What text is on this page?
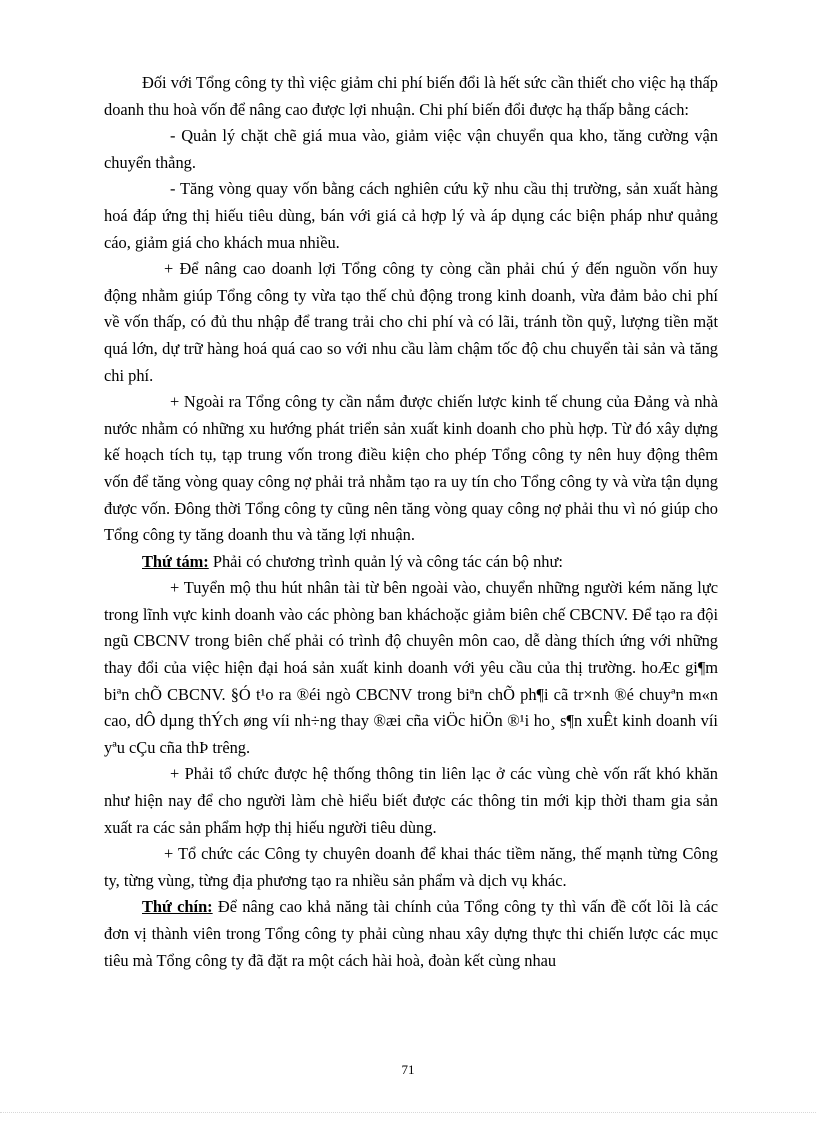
Đối với Tổng công ty thì việc giảm chi phí biến đổi là hết sức cần thiết cho việc hạ thấp doanh thu hoà vốn để nâng cao được lợi nhuận. Chi phí biến đổi được hạ thấp bằng cách:

- Quản lý chặt chẽ giá mua vào, giảm việc vận chuyển qua kho, tăng cường vận chuyển thẳng.

- Tăng vòng quay vốn bằng cách nghiên cứu kỹ nhu cầu thị trường, sản xuất hàng hoá đáp ứng thị hiếu tiêu dùng, bán với giá cả hợp lý và áp dụng các biện pháp như quảng cáo, giảm giá cho khách mua nhiều.

+ Để nâng cao doanh lợi Tổng công ty còng cần phải chú ý đến nguồn vốn huy động nhằm giúp Tổng công ty vừa tạo thế chủ động trong kinh doanh, vừa đảm bảo chi phí về vốn thấp, có đủ thu nhập để trang trải cho chi phí và có lãi, tránh tồn quỹ, lượng tiền mặt quá lớn, dự trữ hàng hoá quá cao so với nhu cầu làm chậm tốc độ chu chuyển tài sản và tăng chi phí.

+ Ngoài ra Tổng công ty cần nắm được chiến lược kinh tế chung của Đảng và nhà nước nhằm có những xu hướng phát triển sản xuất kinh doanh cho phù hợp. Từ đó xây dựng kế hoạch tích tụ, tạp trung vốn trong điều kiện cho phép Tổng công ty nên huy động thêm vốn để tăng vòng quay công nợ phải trả nhằm tạo ra uy tín cho Tổng công ty và vừa tận dụng được vốn. Đông thời Tổng công ty cũng nên tăng vòng quay công nợ phải thu vì nó giúp cho Tổng công ty tăng doanh thu và tăng lợi nhuận.

Thứ tám: Phải có chương trình quản lý và công tác cán bộ như:

+ Tuyển mộ thu hút nhân tài từ bên ngoài vào, chuyển những người kém năng lực trong lĩnh vực kinh doanh vào các phòng ban kháchoặc giảm biên chế CBCNV. Để tạo ra đội ngũ CBCNV trong biên chế phải có trình độ chuyên môn cao, dễ dàng thích ứng với những thay đổi của việc hiện đại hoá sản xuất kinh doanh với yêu cầu của thị trường. hoÆc gi¶m biªn chÕ CBCNV. §Ó t¹o ra ®éi ngò CBCNV trong biªn chÕ ph¶i cã tr×nh ®é chuyªn m«n cao, dÔ dµng thÝch øng víi nh÷ng thay ®æi cña viÖc hiÖn ®¹i ho¸ s¶n xuÊt kinh doanh víi yªu cÇu cña thÞ trêng.

+ Phải tổ chức được hệ thống thông tin liên lạc ở các vùng chè vốn rất khó khăn như hiện nay để cho người làm chè hiểu biết được các thông tin mới kịp thời tham gia sản xuất ra các sản phẩm hợp thị hiếu người tiêu dùng.

+ Tổ chức các Công ty chuyên doanh để khai thác tiềm năng, thế mạnh từng Công ty, từng vùng, từng địa phương tạo ra nhiều sản phẩm và dịch vụ khác.

Thứ chín: Để nâng cao khả năng tài chính của Tổng công ty thì vấn đề cốt lõi là các đơn vị thành viên trong Tổng công ty phải cùng nhau xây dựng thực thi chiến lược các mục tiêu mà Tổng công ty đã đặt ra một cách hài hoà, đoàn kết cùng nhau

71
